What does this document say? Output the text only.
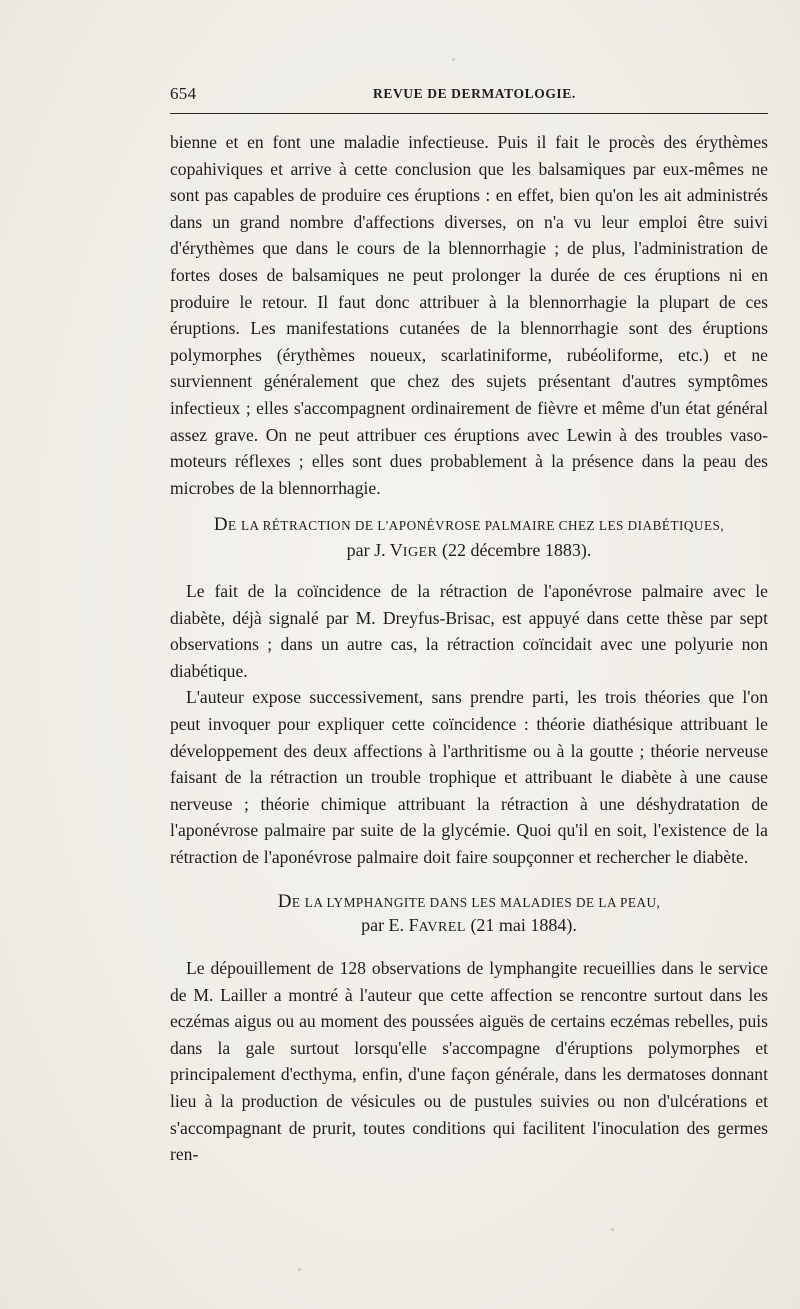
654	REVUE DE DERMATOLOGIE.

bienne et en font une maladie infectieuse. Puis il fait le procès des érythèmes copahiviques et arrive à cette conclusion que les balsamiques par eux-mêmes ne sont pas capables de produire ces éruptions : en effet, bien qu'on les ait administrés dans un grand nombre d'affections diverses, on n'a vu leur emploi être suivi d'érythèmes que dans le cours de la blennorrhagie ; de plus, l'administration de fortes doses de balsamiques ne peut prolonger la durée de ces éruptions ni en produire le retour. Il faut donc attribuer à la blennorrhagie la plupart de ces éruptions. Les manifestations cutanées de la blennorrhagie sont des éruptions polymorphes (érythèmes noueux, scarlatiniforme, rubéoliforme, etc.) et ne surviennent généralement que chez des sujets présentant d'autres symptômes infectieux ; elles s'accompagnent ordinairement de fièvre et même d'un état général assez grave. On ne peut attribuer ces éruptions avec Lewin à des troubles vaso-moteurs réflexes ; elles sont dues probablement à la présence dans la peau des microbes de la blennorrhagie.

DE LA RÉTRACTION DE L'APONÉVROSE PALMAIRE CHEZ LES DIABÉTIQUES,
par J. VIGER (22 décembre 1883).

Le fait de la coïncidence de la rétraction de l'aponévrose palmaire avec le diabète, déjà signalé par M. Dreyfus-Brisac, est appuyé dans cette thèse par sept observations ; dans un autre cas, la rétraction coïncidait avec une polyurie non diabétique.

L'auteur expose successivement, sans prendre parti, les trois théories que l'on peut invoquer pour expliquer cette coïncidence : théorie diathésique attribuant le développement des deux affections à l'arthritisme ou à la goutte ; théorie nerveuse faisant de la rétraction un trouble trophique et attribuant le diabète à une cause nerveuse ; théorie chimique attribuant la rétraction à une déshydratation de l'aponévrose palmaire par suite de la glycémie. Quoi qu'il en soit, l'existence de la rétraction de l'aponévrose palmaire doit faire soupçonner et rechercher le diabète.

DE LA LYMPHANGITE DANS LES MALADIES DE LA PEAU,
par E. FAVREL (21 mai 1884).

Le dépouillement de 128 observations de lymphangite recueillies dans le service de M. Lailler a montré à l'auteur que cette affection se rencontre surtout dans les eczémas aigus ou au moment des poussées aiguës de certains eczémas rebelles, puis dans la gale surtout lorsqu'elle s'accompagne d'éruptions polymorphes et principalement d'ecthyma, enfin, d'une façon générale, dans les dermatoses donnant lieu à la production de vésicules ou de pustules suivies ou non d'ulcérations et s'accompagnant de prurit, toutes conditions qui facilitent l'inoculation des germes ren-
